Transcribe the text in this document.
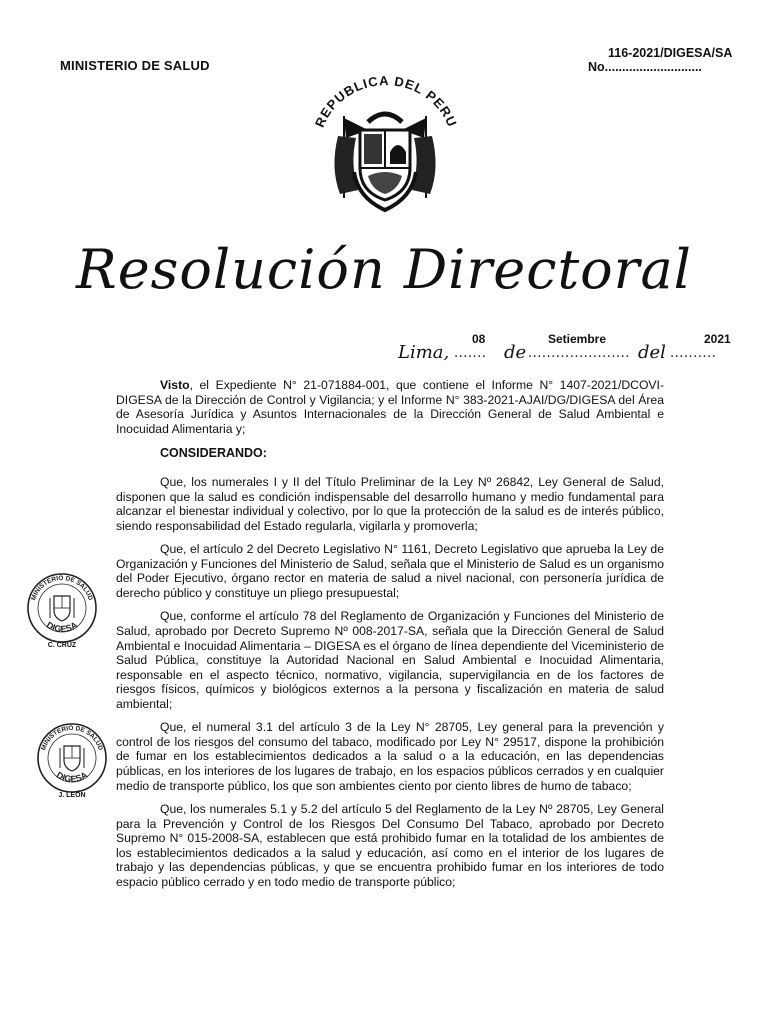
MINISTERIO DE SALUD
116-2021/DIGESA/SA
No............................
REPUBLICA DEL PERU
Resolución Directoral
Lima, ....... de ...................... del ..........
08	Setiembre	2021

Visto, el Expediente N° 21-071884-001, que contiene el Informe N° 1407-2021/DCOVI-DIGESA de la Dirección de Control y Vigilancia; y el Informe N° 383-2021-AJAI/DG/DIGESA del Área de Asesoría Jurídica y Asuntos Internacionales de la Dirección General de Salud Ambiental e Inocuidad Alimentaria y;

CONSIDERANDO:

Que, los numerales I y II del Título Preliminar de la Ley Nº 26842, Ley General de Salud, disponen que la salud es condición indispensable del desarrollo humano y medio fundamental para alcanzar el bienestar individual y colectivo, por lo que la protección de la salud es de interés público, siendo responsabilidad del Estado regularla, vigilarla y promoverla;

Que, el artículo 2 del Decreto Legislativo N° 1161, Decreto Legislativo que aprueba la Ley de Organización y Funciones del Ministerio de Salud, señala que el Ministerio de Salud es un organismo del Poder Ejecutivo, órgano rector en materia de salud a nivel nacional, con personería jurídica de derecho público y constituye un pliego presupuestal;

Que, conforme el artículo 78 del Reglamento de Organización y Funciones del Ministerio de Salud, aprobado por Decreto Supremo Nº 008-2017-SA, señala que la Dirección General de Salud Ambiental e Inocuidad Alimentaria – DIGESA es el órgano de línea dependiente del Viceministerio de Salud Pública, constituye la Autoridad Nacional en Salud Ambiental e Inocuidad Alimentaria, responsable en el aspecto técnico, normativo, vigilancia, supervigilancia en de los factores de riesgos físicos, químicos y biológicos externos a la persona y fiscalización en materia de salud ambiental;

Que, el numeral 3.1 del artículo 3 de la Ley N° 28705, Ley general para la prevención y control de los riesgos del consumo del tabaco, modificado por Ley N° 29517, dispone la prohibición de fumar en los establecimientos dedicados a la salud o a la educación, en las dependencias públicas, en los interiores de los lugares de trabajo, en los espacios públicos cerrados y en cualquier medio de transporte público, los que son ambientes ciento por ciento libres de humo de tabaco;

Que, los numerales 5.1 y 5.2 del artículo 5 del Reglamento de la Ley Nº 28705, Ley General para la Prevención y Control de los Riesgos Del Consumo Del Tabaco, aprobado por Decreto Supremo N° 015-2008-SA, establecen que está prohibido fumar en la totalidad de los ambientes de los establecimientos dedicados a la salud y educación, así como en el interior de los lugares de trabajo y las dependencias públicas, y que se encuentra prohibido fumar en los interiores de todo espacio público cerrado y en todo medio de transporte público;

MINISTERIO DE SALUD
DIGESA
C. CRUZ
MINISTERIO DE SALUD
DIGESA
J. LEÓN
